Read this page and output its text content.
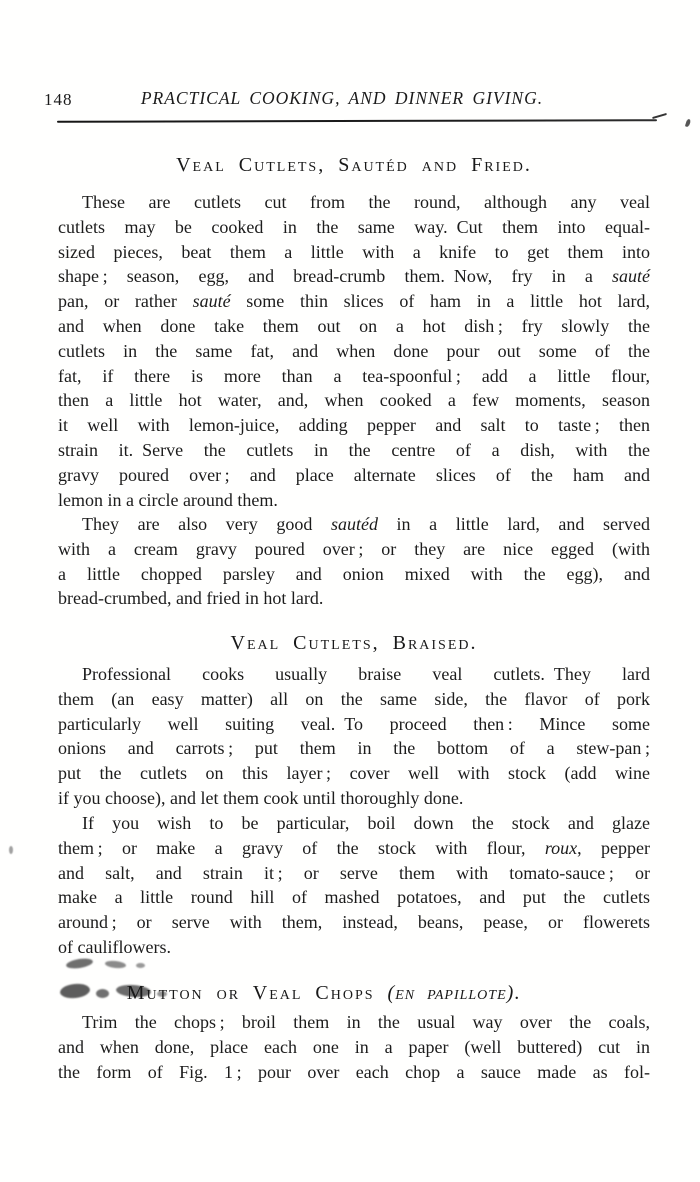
148	PRACTICAL COOKING, AND DINNER GIVING.
Veal Cutlets, Sautéd and Fried.
These are cutlets cut from the round, although any veal
cutlets may be cooked in the same way. Cut them into equal-
sized pieces, beat them a little with a knife to get them into
shape ; season, egg, and bread-crumb them. Now, fry in a sauté
pan, or rather sauté some thin slices of ham in a little hot lard,
and when done take them out on a hot dish ; fry slowly the
cutlets in the same fat, and when done pour out some of the
fat, if there is more than a tea-spoonful ; add a little flour,
then a little hot water, and, when cooked a few moments, season
it well with lemon-juice, adding pepper and salt to taste ; then
strain it. Serve the cutlets in the centre of a dish, with the
gravy poured over ; and place alternate slices of the ham and
lemon in a circle around them.
They are also very good sautéd in a little lard, and served
with a cream gravy poured over ; or they are nice egged (with
a little chopped parsley and onion mixed with the egg), and
bread-crumbed, and fried in hot lard.
Veal Cutlets, Braised.
Professional cooks usually braise veal cutlets. They lard
them (an easy matter) all on the same side, the flavor of pork
particularly well suiting veal. To proceed then : Mince some
onions and carrots ; put them in the bottom of a stew-pan ;
put the cutlets on this layer ; cover well with stock (add wine
if you choose), and let them cook until thoroughly done.
If you wish to be particular, boil down the stock and glaze
them ; or make a gravy of the stock with flour, roux, pepper
and salt, and strain it ; or serve them with tomato-sauce ; or
make a little round hill of mashed potatoes, and put the cutlets
around ; or serve with them, instead, beans, pease, or flowerets
of cauliflowers.
Mutton or Veal Chops (en papillote).
Trim the chops ; broil them in the usual way over the coals,
and when done, place each one in a paper (well buttered) cut in
the form of Fig. 1 ; pour over each chop a sauce made as fol-
